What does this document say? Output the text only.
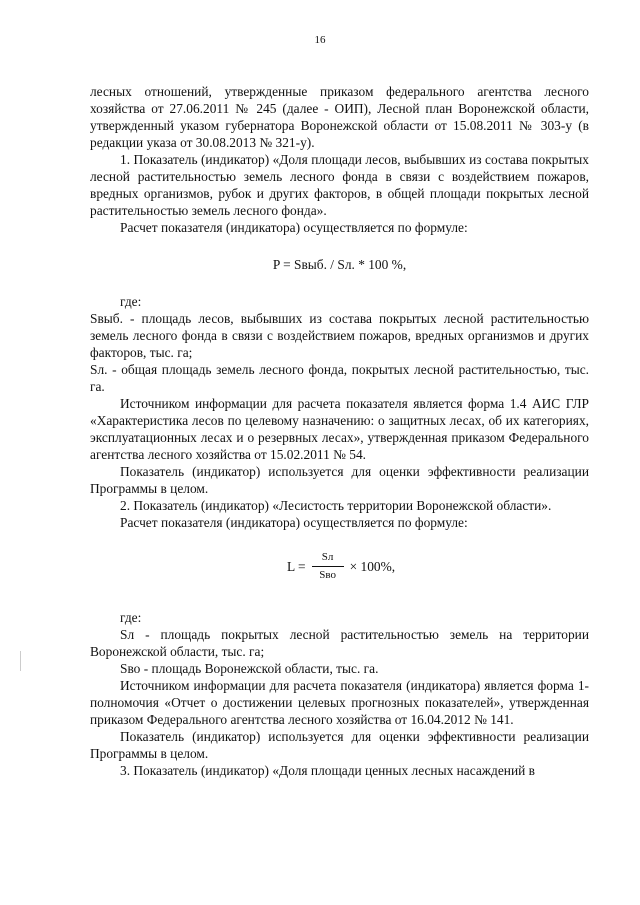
16

лесных отношений, утвержденные приказом федерального агентства лесного хозяйства от 27.06.2011 № 245 (далее - ОИП), Лесной план Воронежской области, утвержденный указом губернатора Воронежской области от 15.08.2011 № 303-у (в редакции указа от 30.08.2013 № 321-у).

1. Показатель (индикатор) «Доля площади лесов, выбывших из состава покрытых лесной растительностью земель лесного фонда в связи с воздействием пожаров, вредных организмов, рубок и других факторов, в общей площади покрытых лесной растительностью земель лесного фонда».

Расчет показателя (индикатора) осуществляется по формуле:

P = Sвыб. / Sл. * 100 %,

где:

Sвыб. - площадь лесов, выбывших из состава покрытых лесной растительностью земель лесного фонда в связи с воздействием пожаров, вредных организмов и других факторов, тыс. га;

Sл. - общая площадь земель лесного фонда, покрытых лесной растительностью, тыс. га.

Источником информации для расчета показателя является форма 1.4 АИС ГЛР «Характеристика лесов по целевому назначению: о защитных лесах, об их категориях, эксплуатационных лесах и о резервных лесах», утвержденная приказом Федерального агентства лесного хозяйства от 15.02.2011 № 54.

Показатель (индикатор) используется для оценки эффективности реализации Программы в целом.

2. Показатель (индикатор) «Лесистость территории Воронежской области».

Расчет показателя (индикатора) осуществляется по формуле:

$L = \frac{Sл}{\text{Sво}} \times 100\%$,

где:

Sл - площадь покрытых лесной растительностью земель на территории Воронежской области, тыс. га;

Sво - площадь Воронежской области, тыс. га.

Источником информации для расчета показателя (индикатора) является форма 1-полномочия «Отчет о достижении целевых прогнозных показателей», утвержденная приказом Федерального агентства лесного хозяйства от 16.04.2012 № 141.

Показатель (индикатор) используется для оценки эффективности реализации Программы в целом.

3. Показатель (индикатор) «Доля площади ценных лесных насаждений в
